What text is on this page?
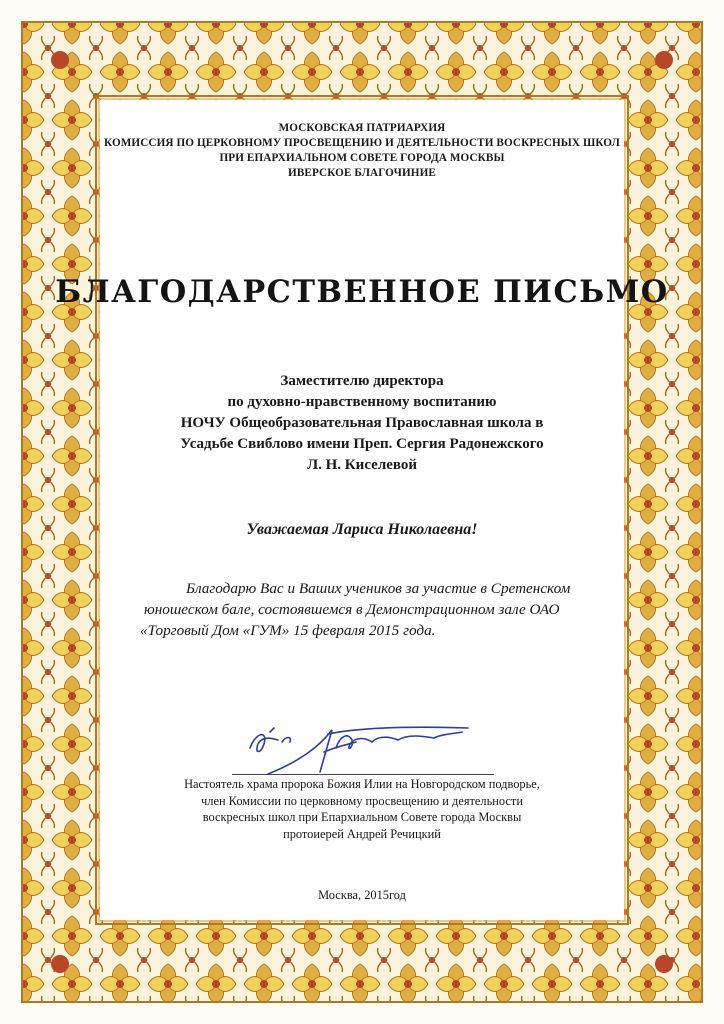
МОСКОВСКАЯ ПАТРИАРХИЯ
КОМИССИЯ ПО ЦЕРКОВНОМУ ПРОСВЕЩЕНИЮ И ДЕЯТЕЛЬНОСТИ ВОСКРЕСНЫХ ШКОЛ
ПРИ ЕПАРХИАЛЬНОМ СОВЕТЕ ГОРОДА МОСКВЫ
ИВЕРСКОЕ БЛАГОЧИНИЕ
БЛАГОДАРСТВЕННОЕ ПИСЬМО
Заместителю директора
по духовно-нравственному воспитанию
НОЧУ Общеобразовательная Православная школа в
Усадьбе Свиблово имени Преп. Сергия Радонежского
Л. Н. Киселевой
Уважаемая Лариса Николаевна!
Благодарю Вас и Ваших учеников за участие в Сретенском
юношеском бале, состоявшемся в Демонстрационном зале ОАО
«Торговый Дом «ГУМ» 15 февраля 2015 года.
Настоятель храма пророка Божия Илии на Новгородском подворье,
член Комиссии по церковному просвещению и деятельности
воскресных школ при Епархиальном Совете города Москвы
протоиерей Андрей Речицкий
Москва, 2015год
